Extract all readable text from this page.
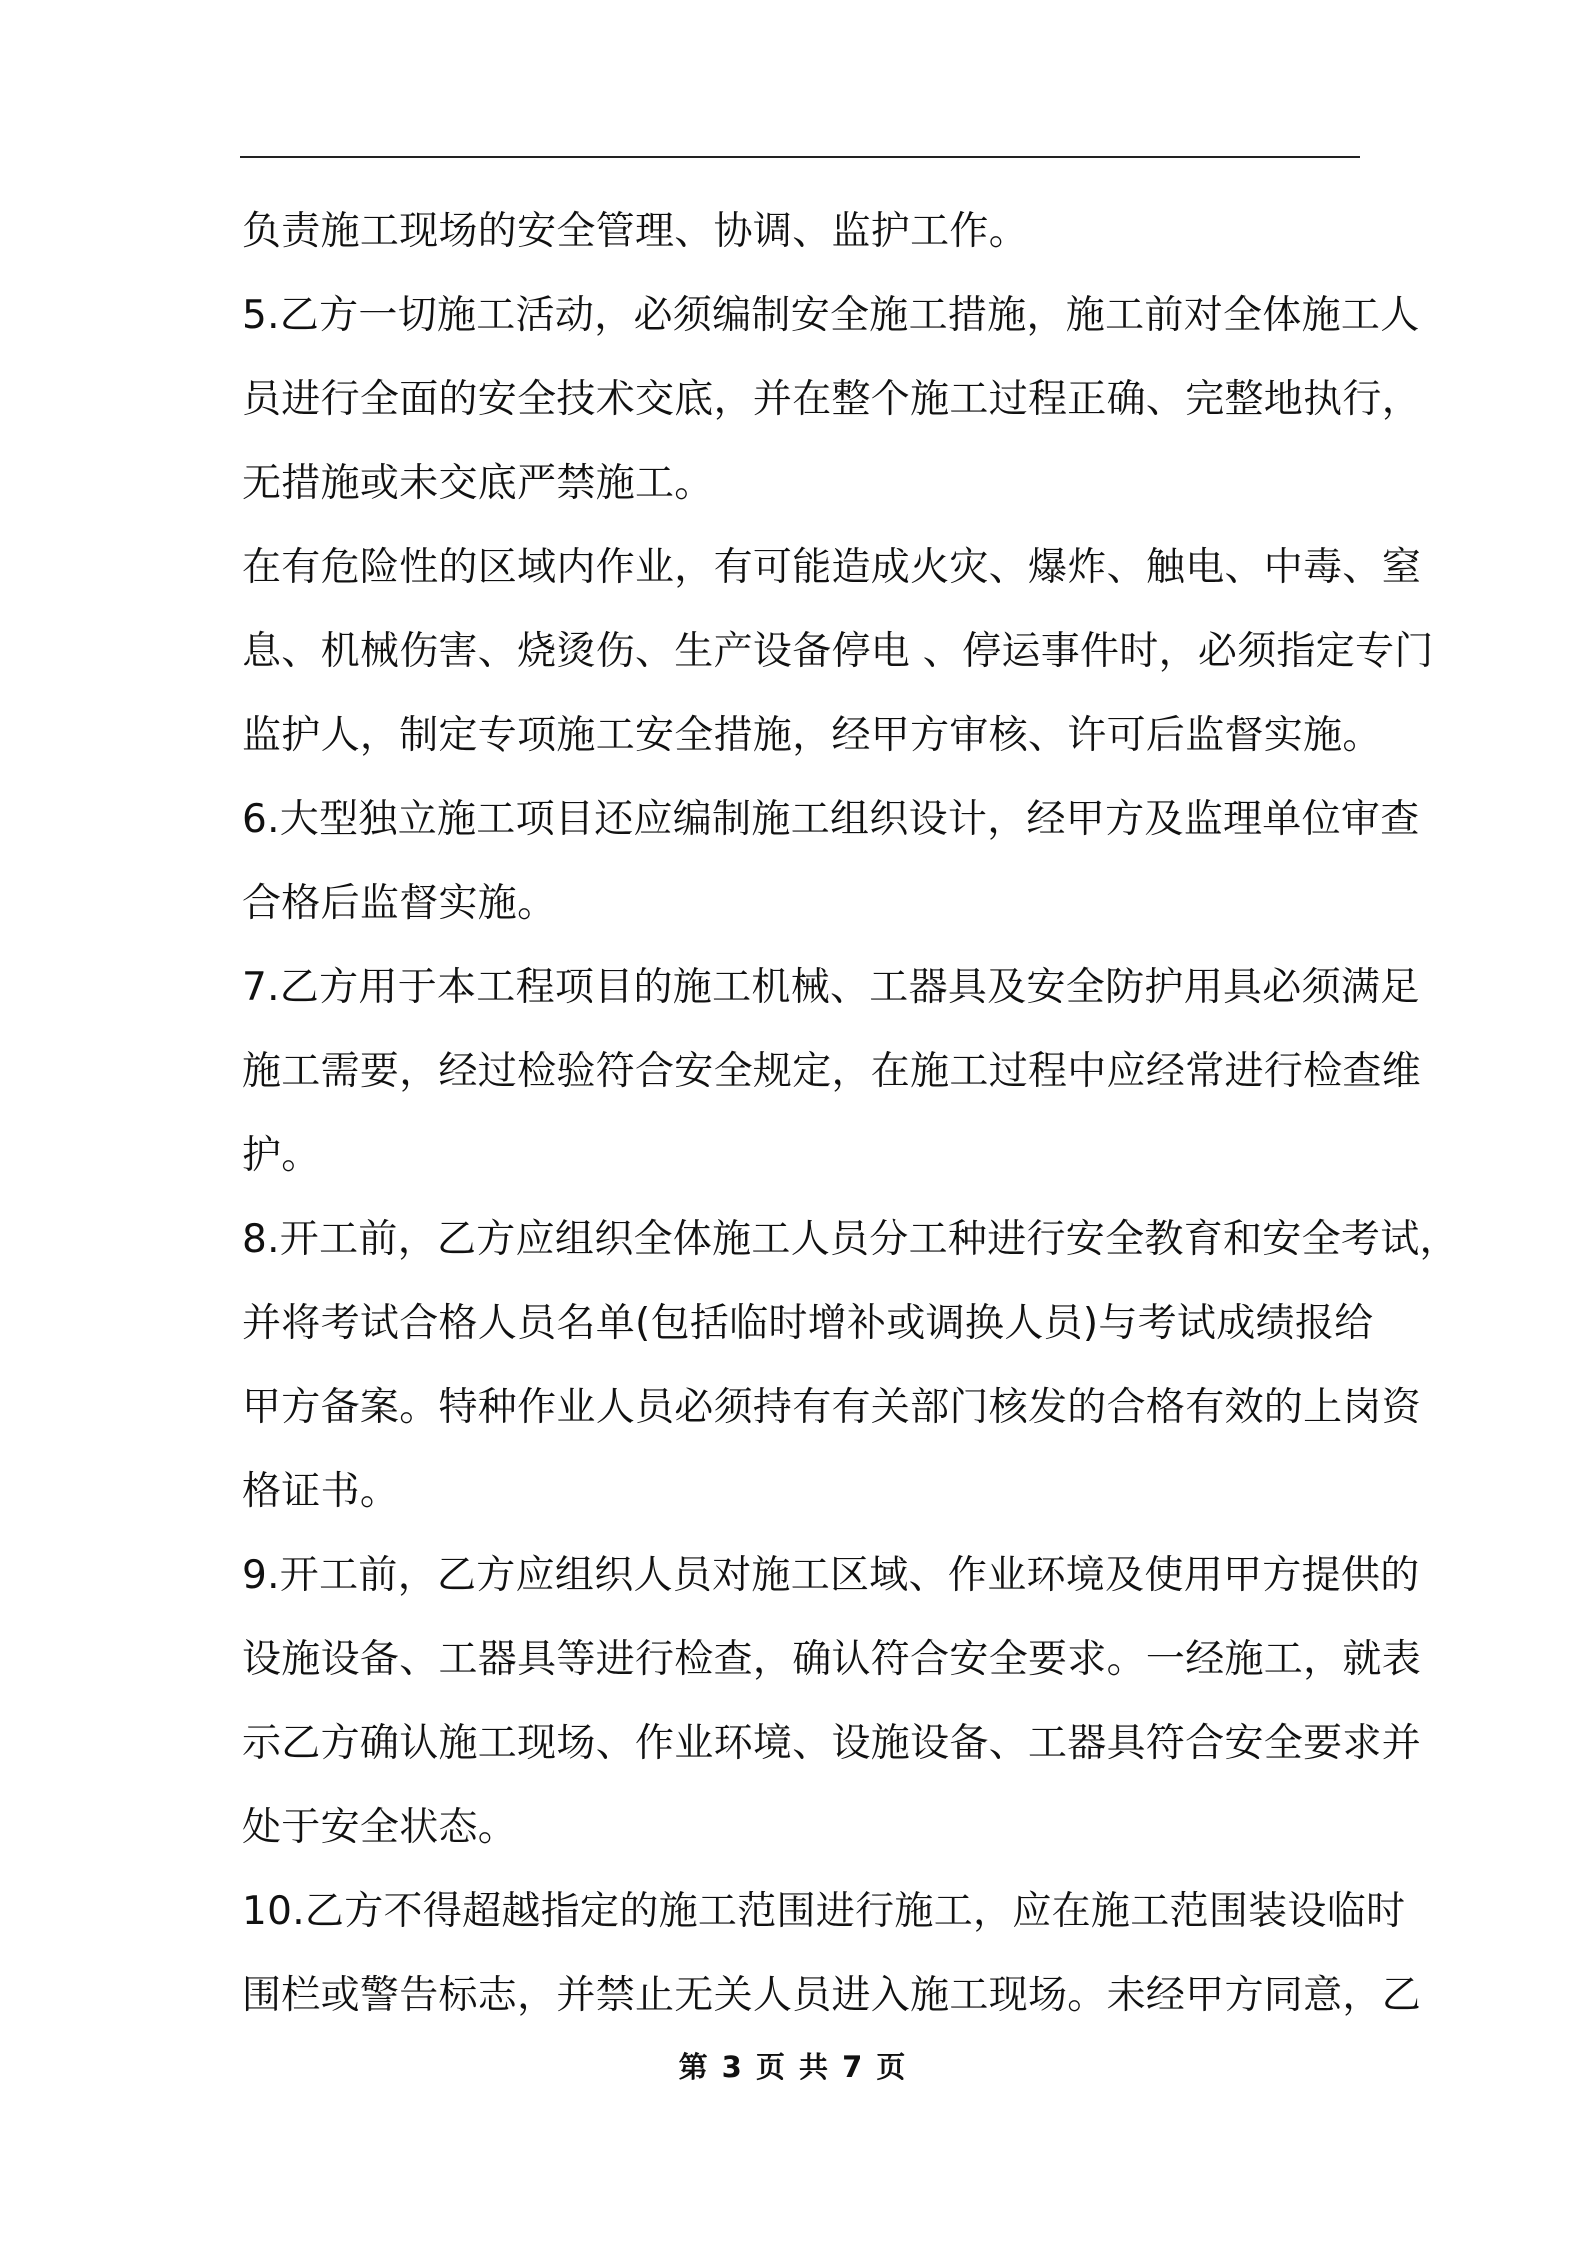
负责施工现场的安全管理、协调、监护工作。
5.乙方一切施工活动，必须编制安全施工措施，施工前对全体施工人
员进行全面的安全技术交底，并在整个施工过程正确、完整地执行，
无措施或未交底严禁施工。
在有危险性的区域内作业，有可能造成火灾、爆炸、触电、中毒、窒
息、机械伤害、烧烫伤、生产设备停电 、停运事件时，必须指定专门
监护人，制定专项施工安全措施，经甲方审核、许可后监督实施。
6.大型独立施工项目还应编制施工组织设计，经甲方及监理单位审查
合格后监督实施。
7.乙方用于本工程项目的施工机械、工器具及安全防护用具必须满足
施工需要，经过检验符合安全规定，在施工过程中应经常进行检查维
护。
8.开工前，乙方应组织全体施工人员分工种进行安全教育和安全考试，
并将考试合格人员名单(包括临时增补或调换人员)与考试成绩报给
甲方备案。特种作业人员必须持有有关部门核发的合格有效的上岗资
格证书。
9.开工前，乙方应组织人员对施工区域、作业环境及使用甲方提供的
设施设备、工器具等进行检查，确认符合安全要求。一经施工，就表
示乙方确认施工现场、作业环境、设施设备、工器具符合安全要求并
处于安全状态。
10.乙方不得超越指定的施工范围进行施工，应在施工范围装设临时
围栏或警告标志，并禁止无关人员进入施工现场。未经甲方同意，乙
第 3 页 共 7 页
